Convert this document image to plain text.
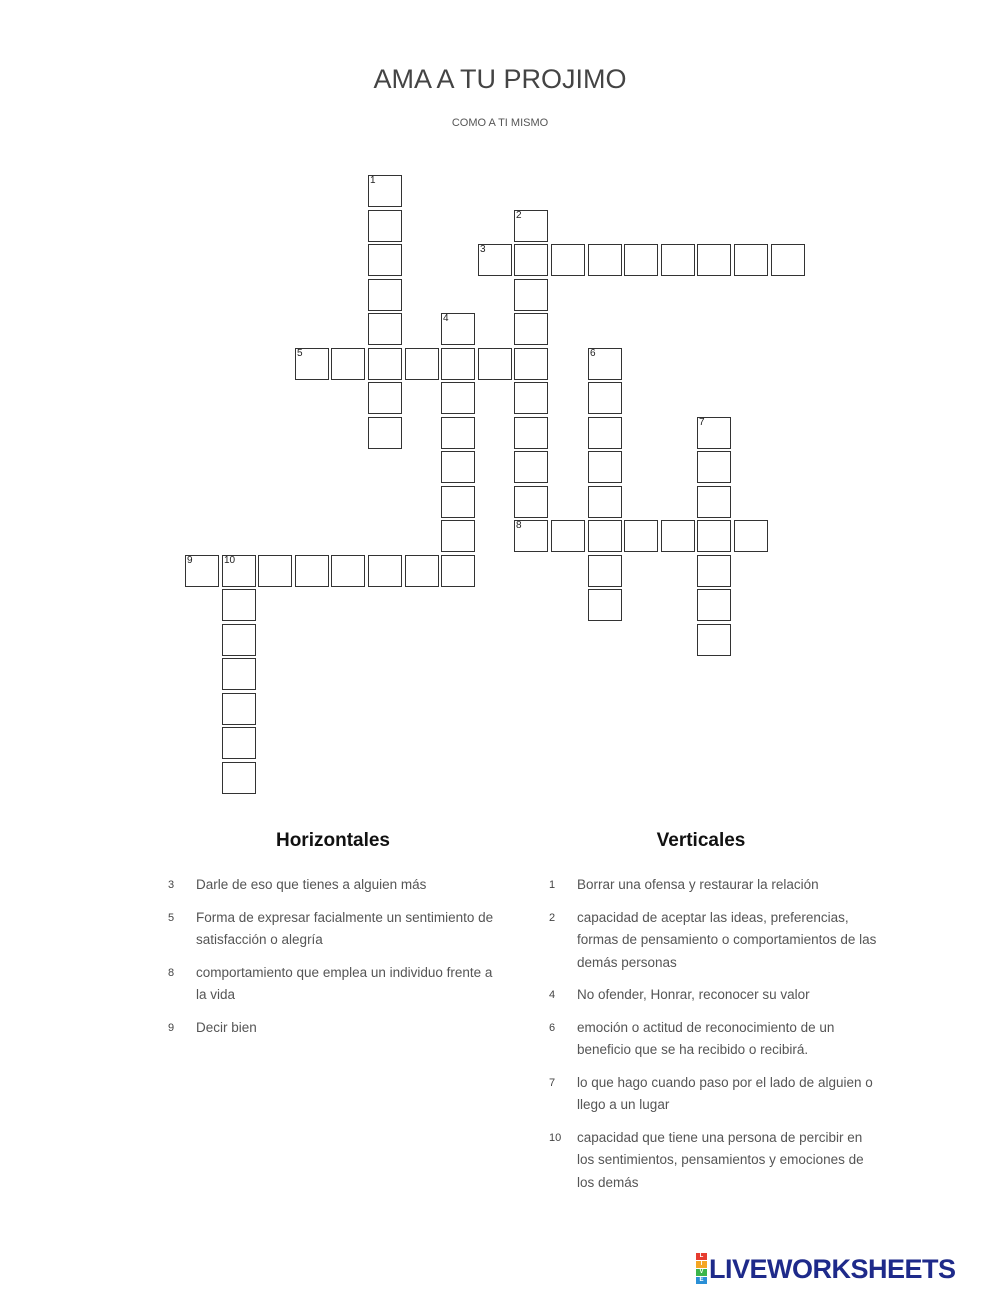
AMA A TU PROJIMO
COMO A TI MISMO
3
5
8
9	10
1
2
4
6
7
Horizontales	Verticales
3	Darle de eso que tienes a alguien más
5	Forma de expresar facialmente un sentimiento de satisfacción o alegría
8	comportamiento que emplea un individuo frente a la vida
9	Decir bien
1	Borrar una ofensa y restaurar la relación
2	capacidad de aceptar las ideas, preferencias, formas de pensamiento o comportamientos de las demás personas
4	No ofender, Honrar, reconocer su valor
6	emoción o actitud de reconocimiento de un beneficio que se ha recibido o recibirá.
7	lo que hago cuando paso por el lado de alguien o llego a un lugar
10	capacidad que tiene una persona de percibir en los sentimientos, pensamientos y emociones de los demás
L
I
V
E LIVEWORKSHEETS
